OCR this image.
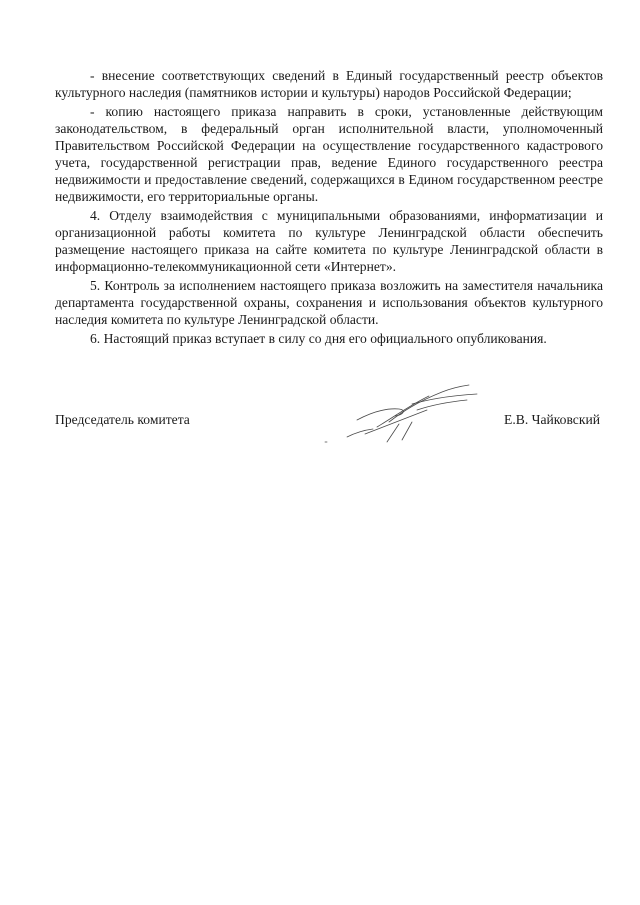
- внесение соответствующих сведений в Единый государственный реестр объектов культурного наследия (памятников истории и культуры) народов Российской Федерации;

- копию настоящего приказа направить в сроки, установленные действующим законодательством, в федеральный орган исполнительной власти, уполномоченный Правительством Российской Федерации на осуществление государственного кадастрового учета, государственной регистрации прав, ведение Единого государственного реестра недвижимости и предоставление сведений, содержащихся в Едином государственном реестре недвижимости, его территориальные органы.

4. Отделу взаимодействия с муниципальными образованиями, информатизации и организационной работы комитета по культуре Ленинградской области обеспечить размещение настоящего приказа на сайте комитета по культуре Ленинградской области в информационно-телекоммуникационной сети «Интернет».

5. Контроль за исполнением настоящего приказа возложить на заместителя начальника департамента государственной охраны, сохранения и использования объектов культурного наследия комитета по культуре Ленинградской области.

6. Настоящий приказ вступает в силу со дня его официального опубликования.

Председатель комитета	Е.В. Чайковский
